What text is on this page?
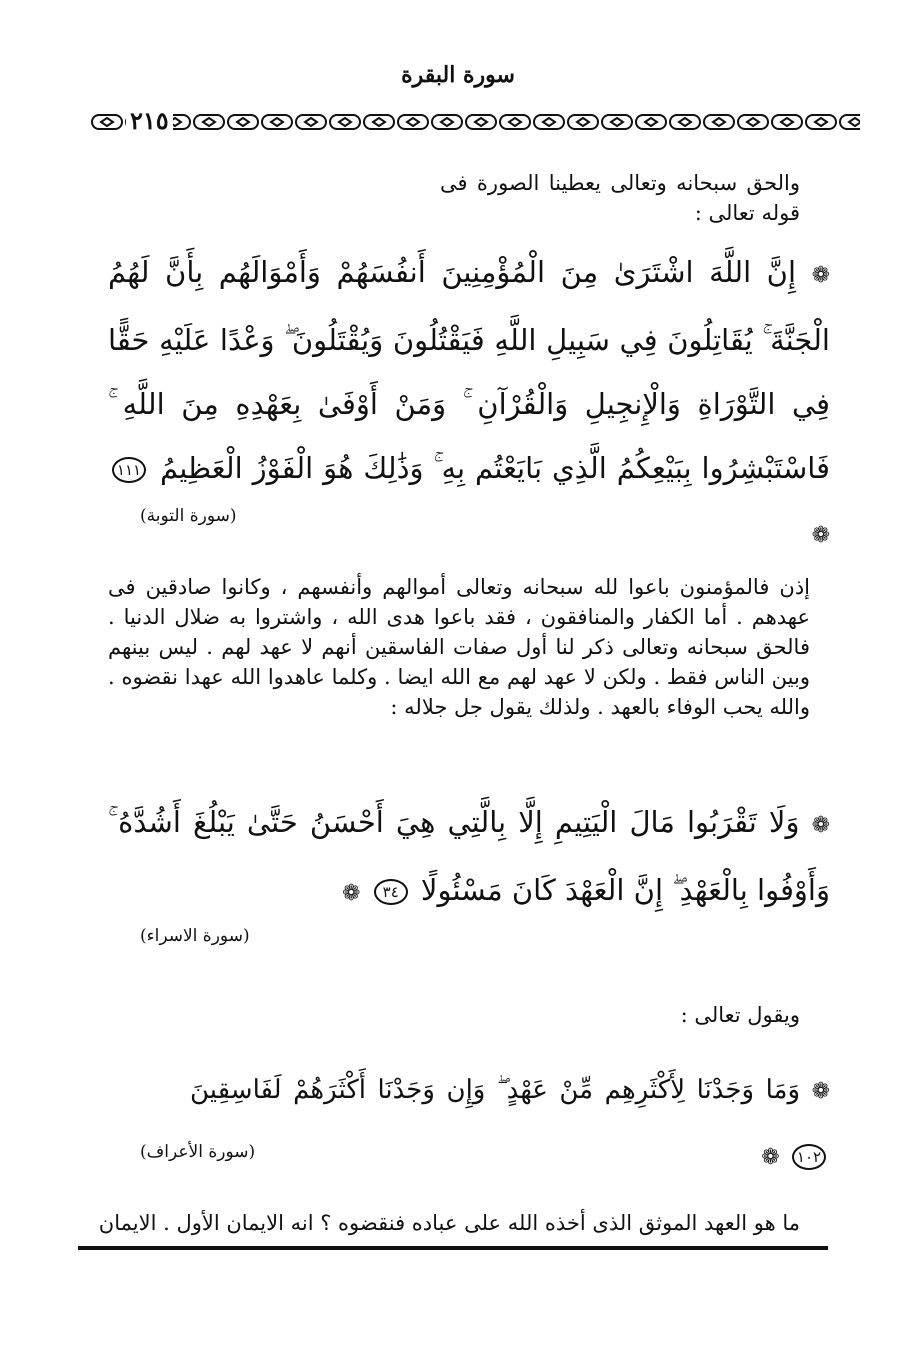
سورة البقرة
٢١٥
والحق سبحانه وتعالى يعطينا الصورة فى قوله تعالى :
❁ إِنَّ اللَّهَ اشْتَرَىٰ مِنَ الْمُؤْمِنِينَ أَنفُسَهُمْ وَأَمْوَالَهُم بِأَنَّ لَهُمُ الْجَنَّةَ ۚ يُقَاتِلُونَ فِي سَبِيلِ اللَّهِ فَيَقْتُلُونَ وَيُقْتَلُونَ ۖ وَعْدًا عَلَيْهِ حَقًّا فِي التَّوْرَاةِ وَالْإِنجِيلِ وَالْقُرْآنِ ۚ وَمَنْ أَوْفَىٰ بِعَهْدِهِ مِنَ اللَّهِ ۚ فَاسْتَبْشِرُوا بِبَيْعِكُمُ الَّذِي بَايَعْتُم بِهِ ۚ وَذَٰلِكَ هُوَ الْفَوْزُ الْعَظِيمُ ١١١ ❁
(سورة التوبة)
إذن فالمؤمنون باعوا لله سبحانه وتعالى أموالهم وأنفسهم ، وكانوا صادقين فى عهدهم . أما الكفار والمنافقون ، فقد باعوا هدى الله ، واشتروا به ضلال الدنيا . فالحق سبحانه وتعالى ذكر لنا أول صفات الفاسقين أنهم لا عهد لهم . ليس بينهم وبين الناس فقط . ولكن لا عهد لهم مع الله ايضا . وكلما عاهدوا الله عهدا نقضوه . والله يحب الوفاء بالعهد . ولذلك يقول جل جلاله :
❁ وَلَا تَقْرَبُوا مَالَ الْيَتِيمِ إِلَّا بِالَّتِي هِيَ أَحْسَنُ حَتَّىٰ يَبْلُغَ أَشُدَّهُ ۚ وَأَوْفُوا بِالْعَهْدِ ۖ إِنَّ الْعَهْدَ كَانَ مَسْئُولًا ٣٤ ❁
(سورة الاسراء)
ويقول تعالى :
❁ وَمَا وَجَدْنَا لِأَكْثَرِهِم مِّنْ عَهْدٍ ۖ وَإِن وَجَدْنَا أَكْثَرَهُمْ لَفَاسِقِينَ ١٠٢ ❁
(سورة الأعراف)
ما هو العهد الموثق الذى أخذه الله على عباده فنقضوه ؟ انه الايمان الأول . الايمان
